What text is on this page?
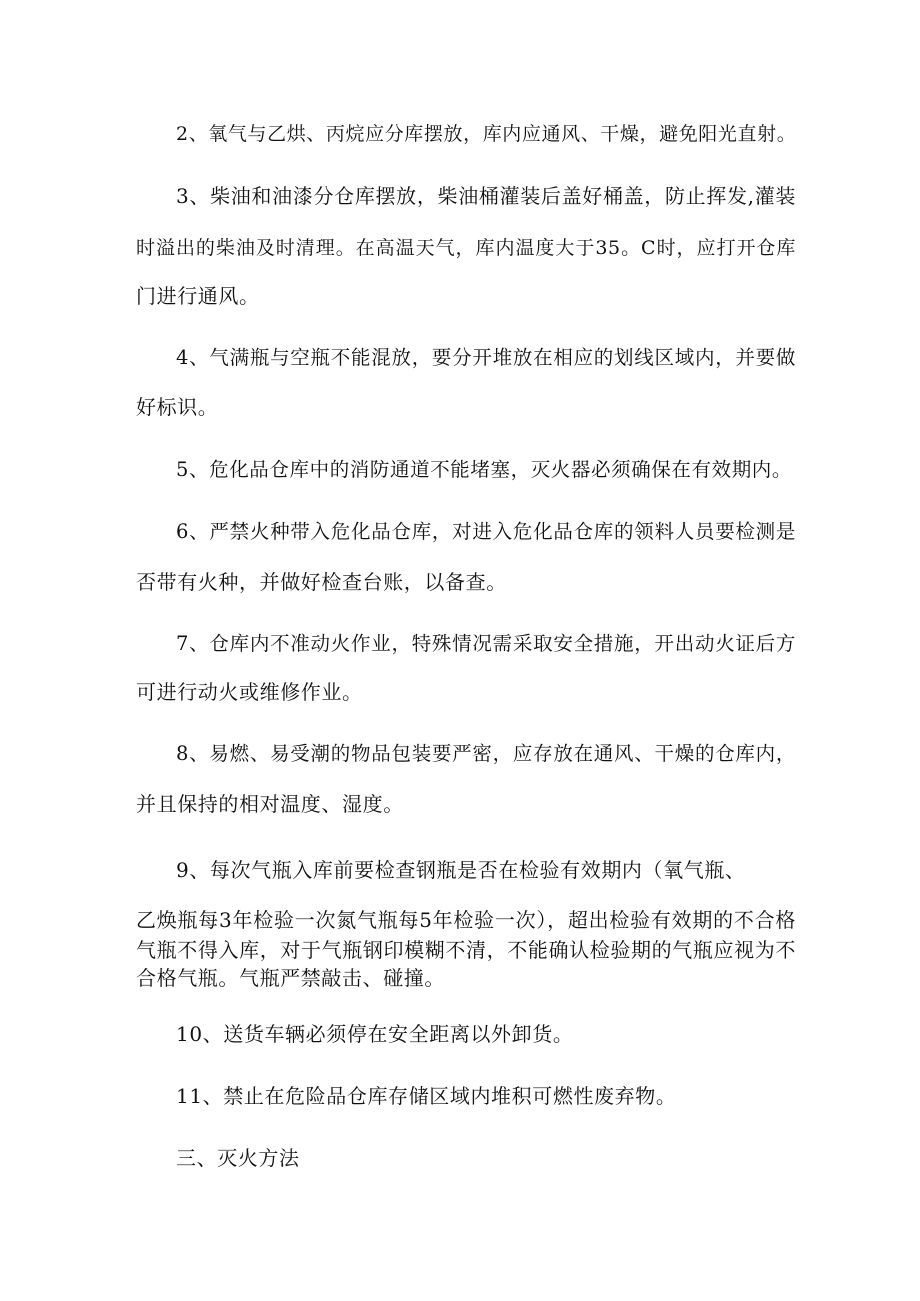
2、氧气与乙烘、丙烷应分库摆放，库内应通风、干燥，避免阳光直射。
3、柴油和油漆分仓库摆放，柴油桶灌装后盖好桶盖，防止挥发,灌装
时溢出的柴油及时清理。在高温天气，库内温度大于35。C时，应打开仓库
门进行通风。
4、气满瓶与空瓶不能混放，要分开堆放在相应的划线区域内，并要做
好标识。
5、危化品仓库中的消防通道不能堵塞，灭火器必须确保在有效期内。
6、严禁火种带入危化品仓库，对进入危化品仓库的领料人员要检测是
否带有火种，并做好检查台账，以备查。
7、仓库内不准动火作业，特殊情况需采取安全措施，开出动火证后方
可进行动火或维修作业。
8、易燃、易受潮的物品包装要严密，应存放在通风、干燥的仓库内，
并且保持的相对温度、湿度。
9、每次气瓶入库前要检查钢瓶是否在检验有效期内（氧气瓶、
乙焕瓶每3年检验一次氮气瓶每5年检验一次），超出检验有效期的不合格
气瓶不得入库，对于气瓶钢印模糊不清，不能确认检验期的气瓶应视为不
合格气瓶。气瓶严禁敲击、碰撞。
10、送货车辆必须停在安全距离以外卸货。
11、禁止在危险品仓库存储区域内堆积可燃性废弃物。
三、灭火方法
